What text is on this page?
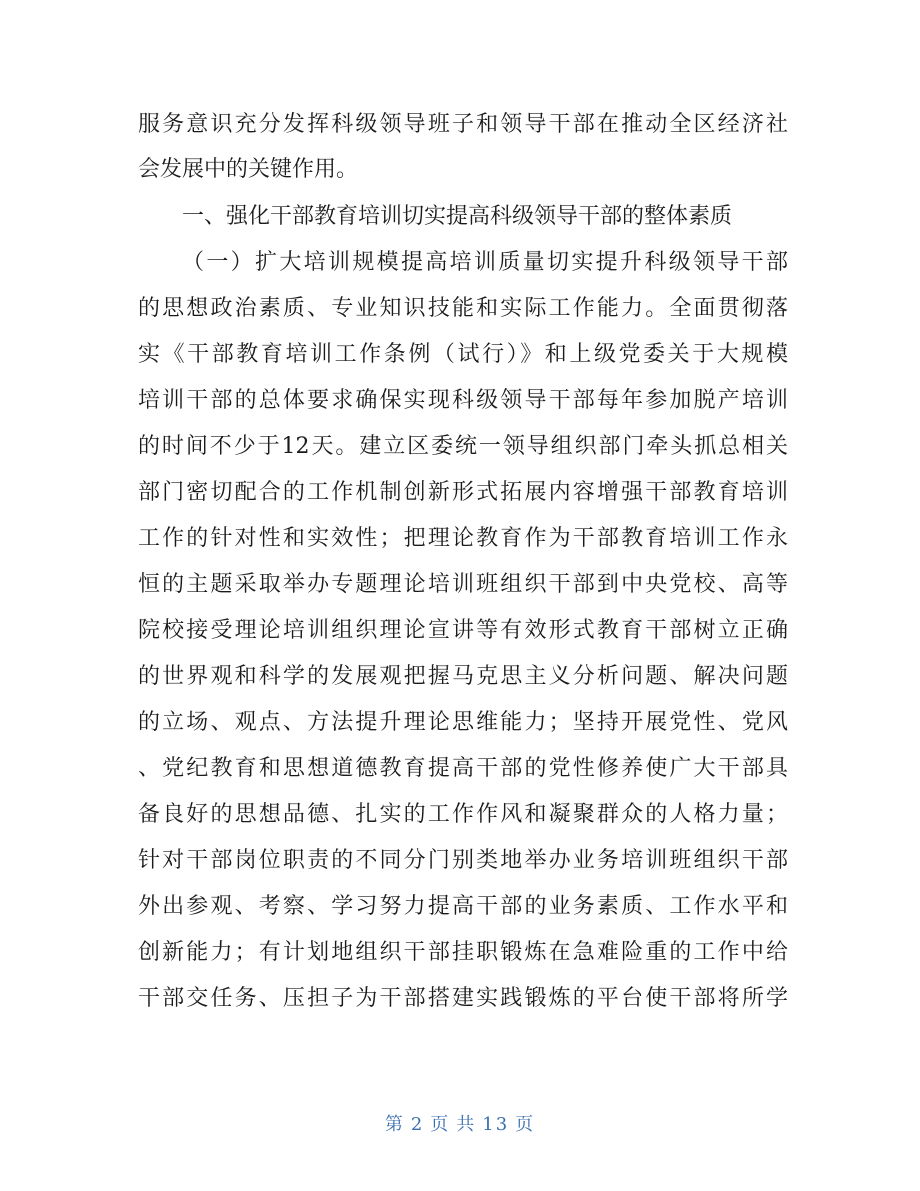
服务意识充分发挥科级领导班子和领导干部在推动全区经济社
会发展中的关键作用。
一、强化干部教育培训切实提高科级领导干部的整体素质
（一）扩大培训规模提高培训质量切实提升科级领导干部
的思想政治素质、专业知识技能和实际工作能力。全面贯彻落
实《干部教育培训工作条例（试行）》和上级党委关于大规模
培训干部的总体要求确保实现科级领导干部每年参加脱产培训
的时间不少于12天。建立区委统一领导组织部门牵头抓总相关
部门密切配合的工作机制创新形式拓展内容增强干部教育培训
工作的针对性和实效性；把理论教育作为干部教育培训工作永
恒的主题采取举办专题理论培训班组织干部到中央党校、高等
院校接受理论培训组织理论宣讲等有效形式教育干部树立正确
的世界观和科学的发展观把握马克思主义分析问题、解决问题
的立场、观点、方法提升理论思维能力；坚持开展党性、党风
、党纪教育和思想道德教育提高干部的党性修养使广大干部具
备良好的思想品德、扎实的工作作风和凝聚群众的人格力量；
针对干部岗位职责的不同分门别类地举办业务培训班组织干部
外出参观、考察、学习努力提高干部的业务素质、工作水平和
创新能力；有计划地组织干部挂职锻炼在急难险重的工作中给
干部交任务、压担子为干部搭建实践锻炼的平台使干部将所学
第 2 页 共 13 页
